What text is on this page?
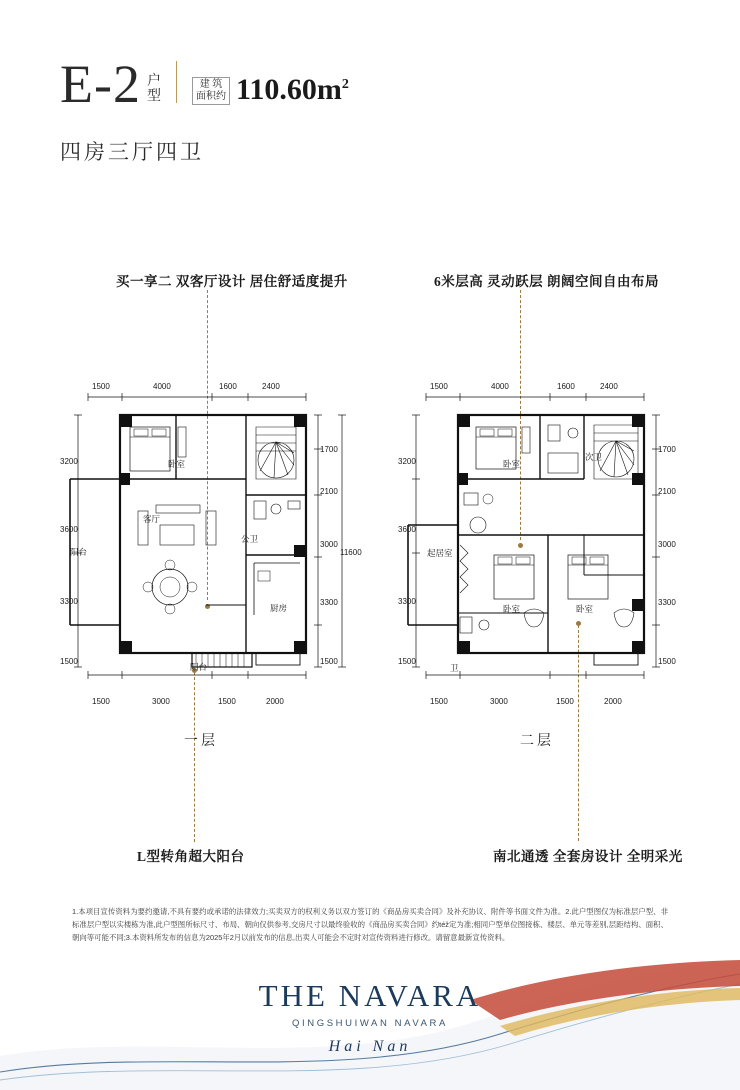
E-2 户
型
建 筑
面积约 $110.60m^2$
四房三厅四卫
买一享二 双客厅设计 居住舒适度提升	6米层高 灵动跃层 朗阔空间自由布局
L型转角超大阳台	南北通透 全套房设计 全明采光
1500	4000	1600	2400
1500	3000	1500	2000
3200
3600
3300
1500
1700
2100
3000
3300
1500
11600
卧室
阳台
客厅
公卫
厨房
阳台
一层
1500	4000	1600	2400
1500	3000	1500	2000
3200
3600
3300
1500
1700
2100
3000
3300
1500
卧室
次卫
起居室
卧室	卧室
卫
二层
1.本项目宣传资料为要约邀请,不具有要约或承诺的法律效力;买卖双方的权利义务以双方签订的《商品房买卖合同》及补充协议、附件等书面文件为准。2.此户型图仅为标准层户型、非标准层户型以实楼栋为准,此户型图所标尺寸、布局、朝向仅供参考,交房尺寸以最终验收的《商品房买卖合同》约též定为准;相同户型单位图接栋、楼层、单元等差别,层距结构、面积、朝向等可能不同;3.本资料所发布的信息为2025年2月以前发布的信息,出卖人可能会不定时对宣传资料进行修改。请留意最新宣传资料。
THE NAVARA
QINGSHUIWAN NAVARA
Hai Nan
